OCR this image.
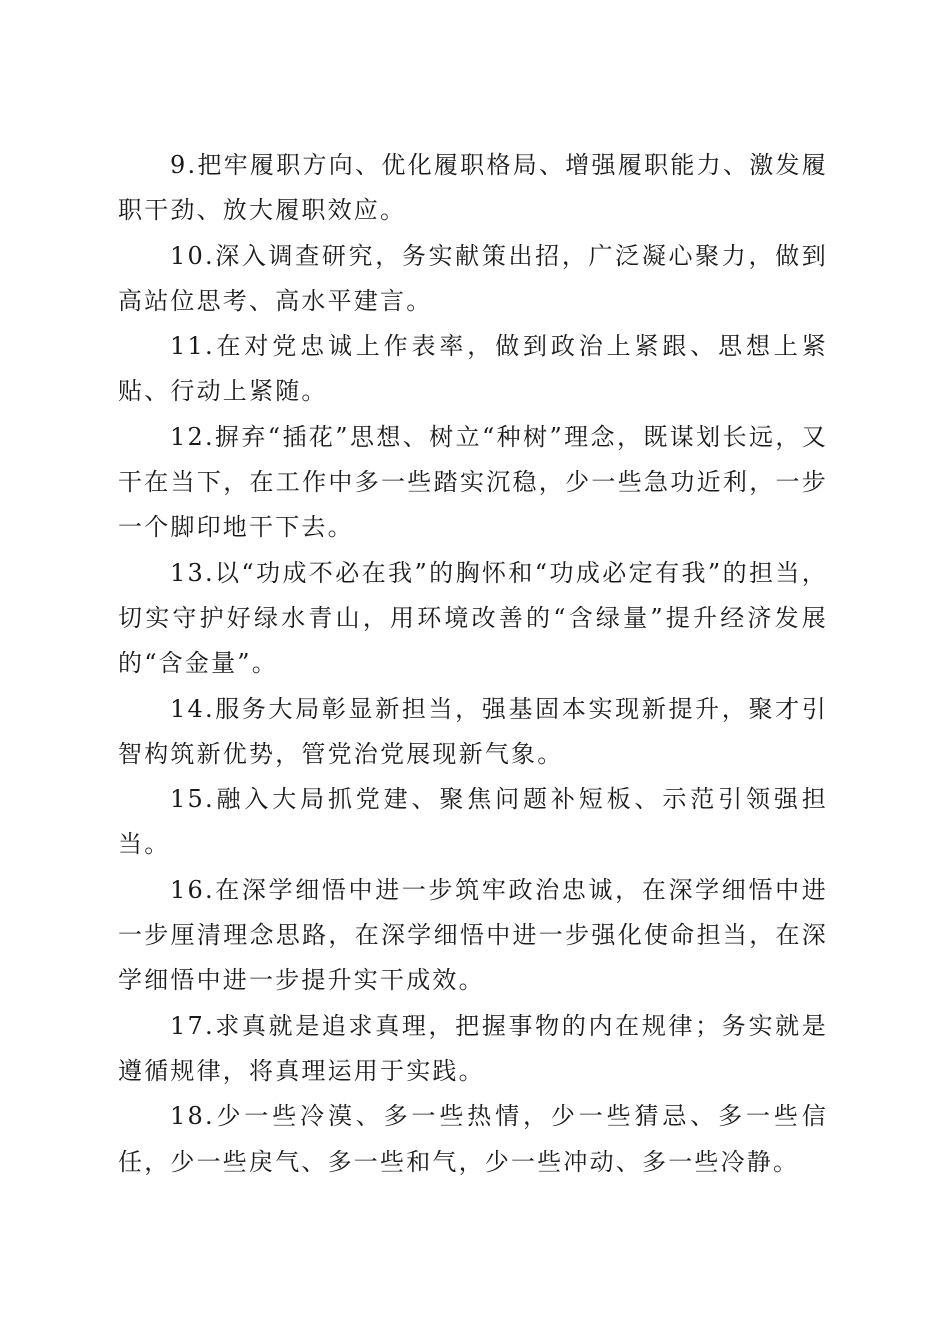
9.把牢履职方向、优化履职格局、增强履职能力、激发履职干劲、放大履职效应。

10.深入调查研究，务实献策出招，广泛凝心聚力，做到高站位思考、高水平建言。

11.在对党忠诚上作表率，做到政治上紧跟、思想上紧贴、行动上紧随。

12.摒弃“插花”思想、树立“种树”理念，既谋划长远，又干在当下，在工作中多一些踏实沉稳，少一些急功近利，一步一个脚印地干下去。

13.以“功成不必在我”的胸怀和“功成必定有我”的担当，切实守护好绿水青山，用环境改善的“含绿量”提升经济发展的“含金量”。

14.服务大局彰显新担当，强基固本实现新提升，聚才引智构筑新优势，管党治党展现新气象。

15.融入大局抓党建、聚焦问题补短板、示范引领强担当。

16.在深学细悟中进一步筑牢政治忠诚，在深学细悟中进一步厘清理念思路，在深学细悟中进一步强化使命担当，在深学细悟中进一步提升实干成效。

17.求真就是追求真理，把握事物的内在规律；务实就是遵循规律，将真理运用于实践。

18.少一些冷漠、多一些热情，少一些猜忌、多一些信任，少一些戾气、多一些和气，少一些冲动、多一些冷静。
